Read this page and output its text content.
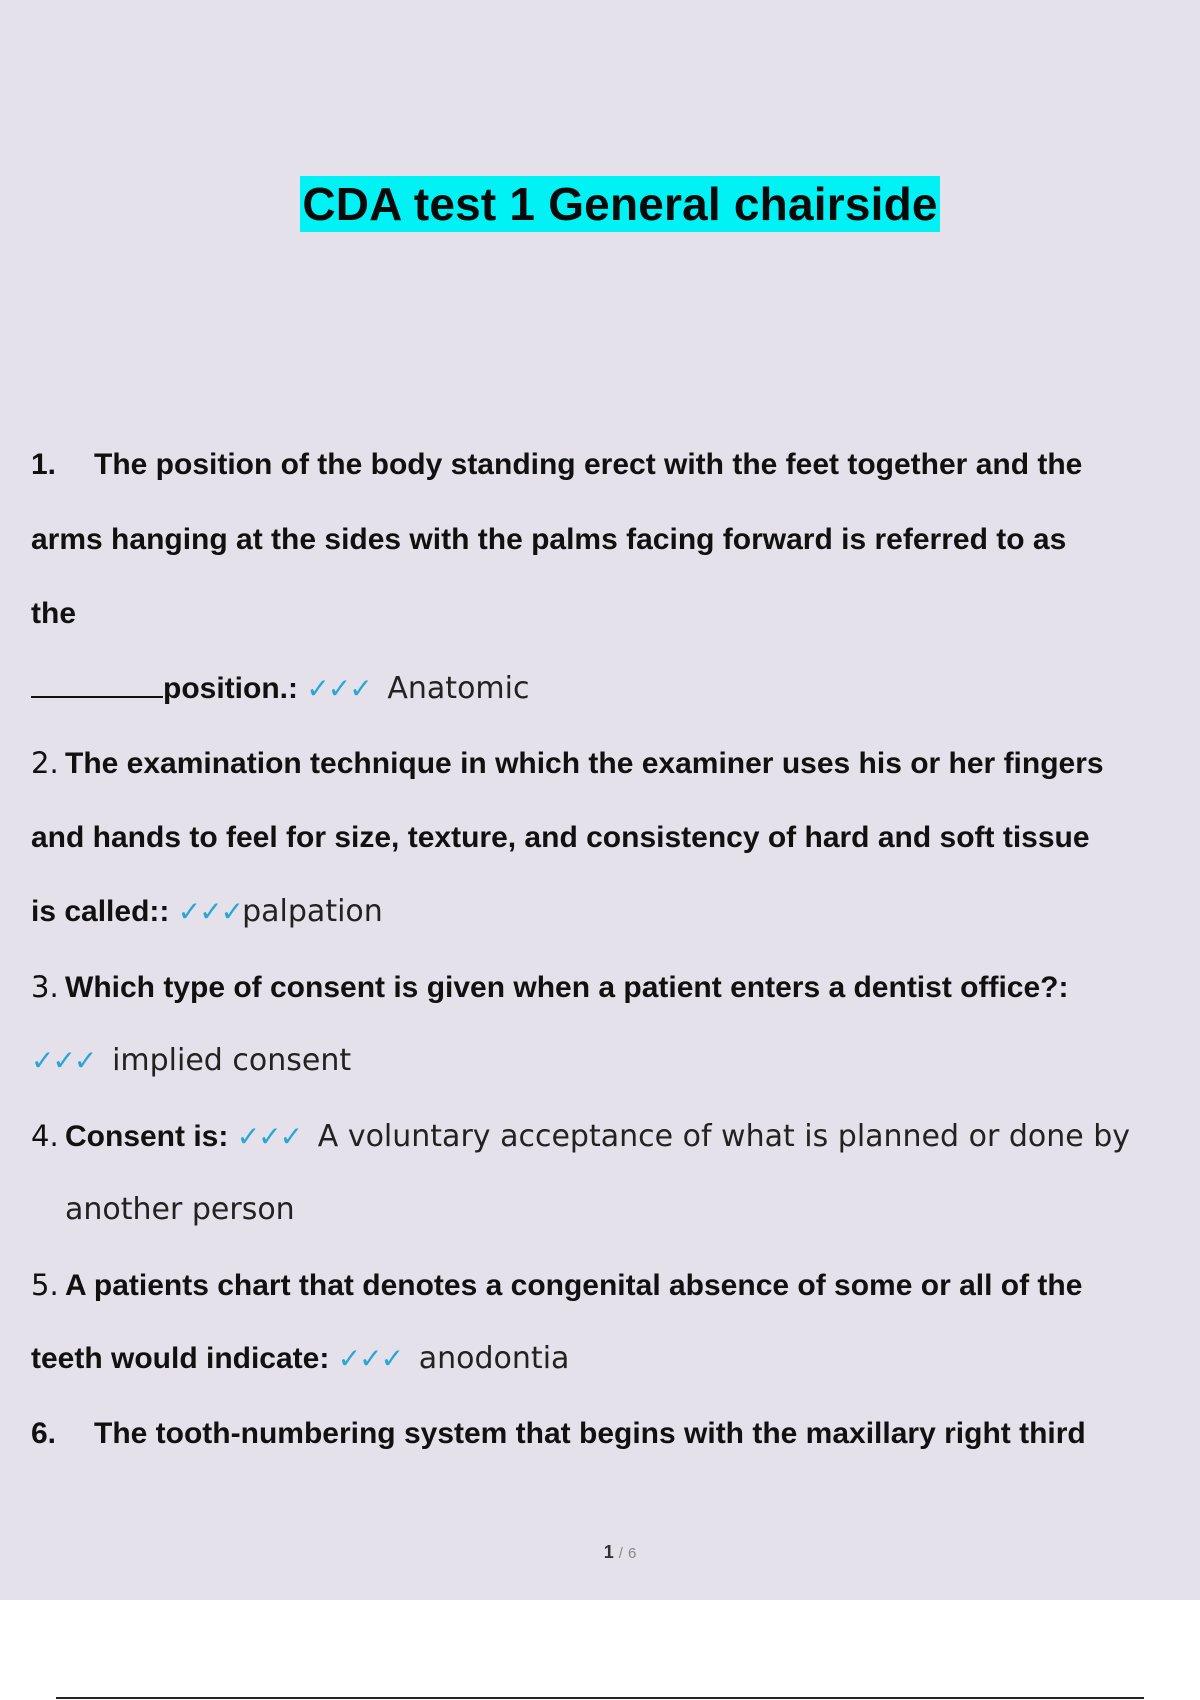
CDA test 1 General chairside
1. The position of the body standing erect with the feet together and the
arms hanging at the sides with the palms facing forward is referred to as
the
position.: ✓✓✓ Anatomic
2. The examination technique in which the examiner uses his or her fingers
and hands to feel for size, texture, and consistency of hard and soft tissue
is called:: ✓✓✓palpation
3. Which type of consent is given when a patient enters a dentist office?:
✓✓✓ implied consent
4. Consent is: ✓✓✓ A voluntary acceptance of what is planned or done by
another person
5. A patients chart that denotes a congenital absence of some or all of the
teeth would indicate: ✓✓✓ anodontia
6. The tooth-numbering system that begins with the maxillary right third
1 / 6
